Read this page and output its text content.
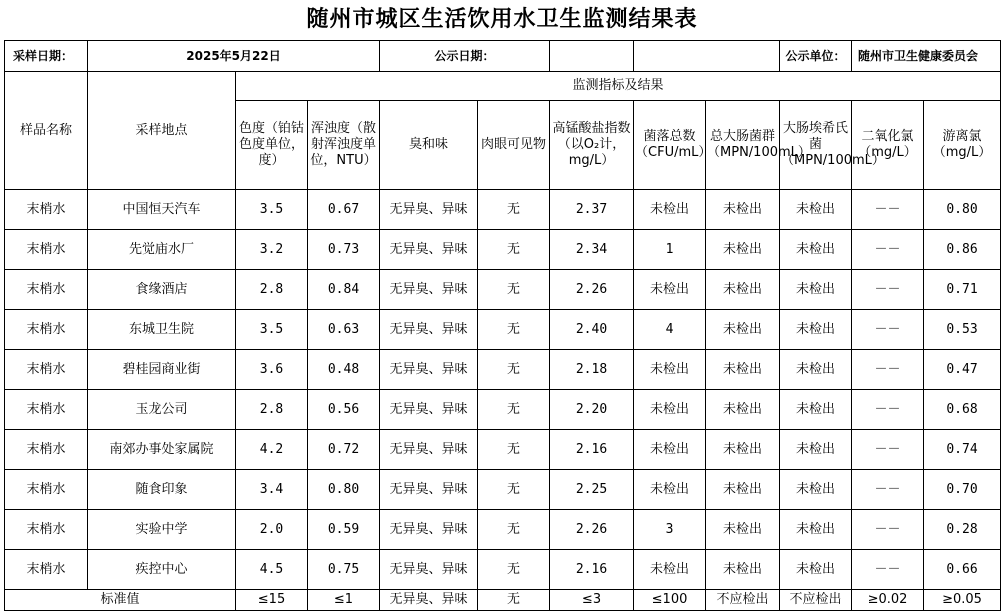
随州市城区生活饮用水卫生监测结果表
采样日期：	2025年5月22日			公示日期：					公示单位：	随州市卫生健康委员会	
样品名称	采样地点	监测指标及结果									
		色度（铂钴色度单位，度）	浑浊度（散射浑浊度单位，NTU）	臭和味	肉眼可见物	高锰酸盐指数（以O₂计，mg/L）	菌落总数（CFU/mL）	总大肠菌群（MPN/100mL）	大肠埃希氏菌（MPN/100mL）	二氧化氯（mg/L）	游离氯（mg/L）
末梢水	中国恒天汽车	3.5	0.67	无异臭、异味	无	2.37	未检出	未检出	未检出	－－	0.80
末梢水	先觉庙水厂	3.2	0.73	无异臭、异味	无	2.34	1	未检出	未检出	－－	0.86
末梢水	食缘酒店	2.8	0.84	无异臭、异味	无	2.26	未检出	未检出	未检出	－－	0.71
末梢水	东城卫生院	3.5	0.63	无异臭、异味	无	2.40	4	未检出	未检出	－－	0.53
末梢水	碧桂园商业街	3.6	0.48	无异臭、异味	无	2.18	未检出	未检出	未检出	－－	0.47
末梢水	玉龙公司	2.8	0.56	无异臭、异味	无	2.20	未检出	未检出	未检出	－－	0.68
末梢水	南郊办事处家属院	4.2	0.72	无异臭、异味	无	2.16	未检出	未检出	未检出	－－	0.74
末梢水	随食印象	3.4	0.80	无异臭、异味	无	2.25	未检出	未检出	未检出	－－	0.70
末梢水	实验中学	2.0	0.59	无异臭、异味	无	2.26	3	未检出	未检出	－－	0.28
末梢水	疾控中心	4.5	0.75	无异臭、异味	无	2.16	未检出	未检出	未检出	－－	0.66
标准值		≤15	≤1	无异臭、异味	无	≤3	≤100	不应检出	不应检出	≥0.02	≥0.05
